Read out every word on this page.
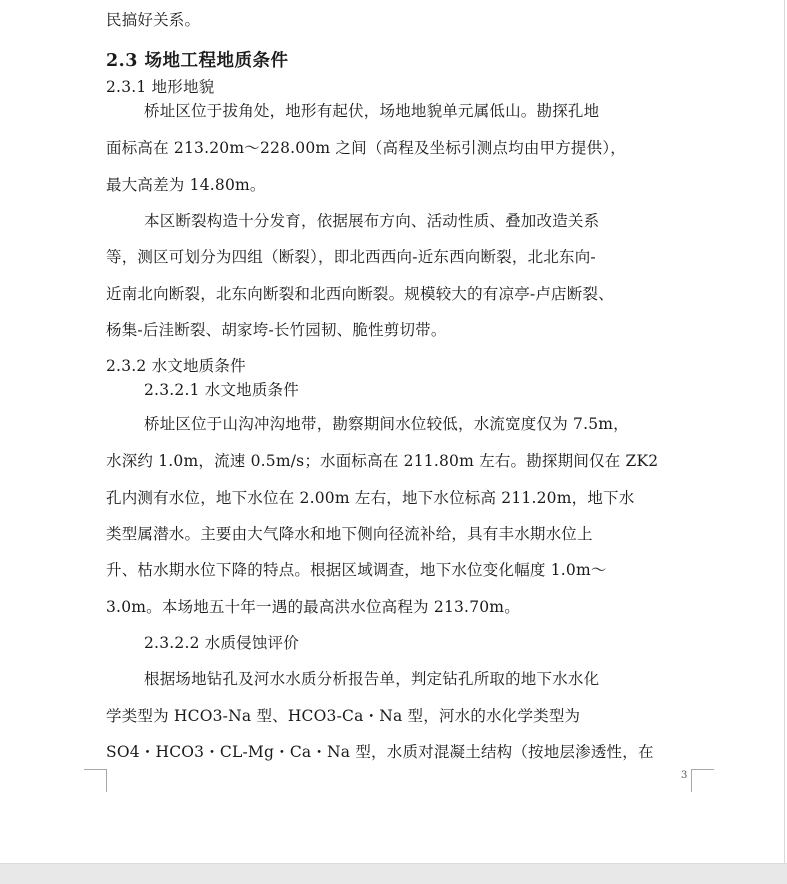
民搞好关系。
2.3 场地工程地质条件
2.3.1 地形地貌
桥址区位于拔角处，地形有起伏，场地地貌单元属低山。勘探孔地
面标高在 213.20m～228.00m 之间（高程及坐标引测点均由甲方提供），
最大高差为 14.80m。
本区断裂构造十分发育，依据展布方向、活动性质、叠加改造关系
等，测区可划分为四组（断裂），即北西西向-近东西向断裂，北北东向-
近南北向断裂，北东向断裂和北西向断裂。规模较大的有凉亭-卢店断裂、
杨集-后洼断裂、胡家垮-长竹园韧、脆性剪切带。
2.3.2 水文地质条件
2.3.2.1 水文地质条件
桥址区位于山沟冲沟地带，勘察期间水位较低，水流宽度仅为 7.5m，
水深约 1.0m，流速 0.5m/s；水面标高在 211.80m 左右。勘探期间仅在 ZK2
孔内测有水位，地下水位在 2.00m 左右，地下水位标高 211.20m，地下水
类型属潜水。主要由大气降水和地下侧向径流补给，具有丰水期水位上
升、枯水期水位下降的特点。根据区域调查，地下水位变化幅度 1.0m～
3.0m。本场地五十年一遇的最高洪水位高程为 213.70m。
2.3.2.2 水质侵蚀评价
根据场地钻孔及河水水质分析报告单，判定钻孔所取的地下水水化
学类型为 HCO3-Na 型、HCO3-Ca・Na 型，河水的水化学类型为
SO4・HCO3・CL-Mg・Ca・Na 型，水质对混凝土结构（按地层渗透性，在
3
